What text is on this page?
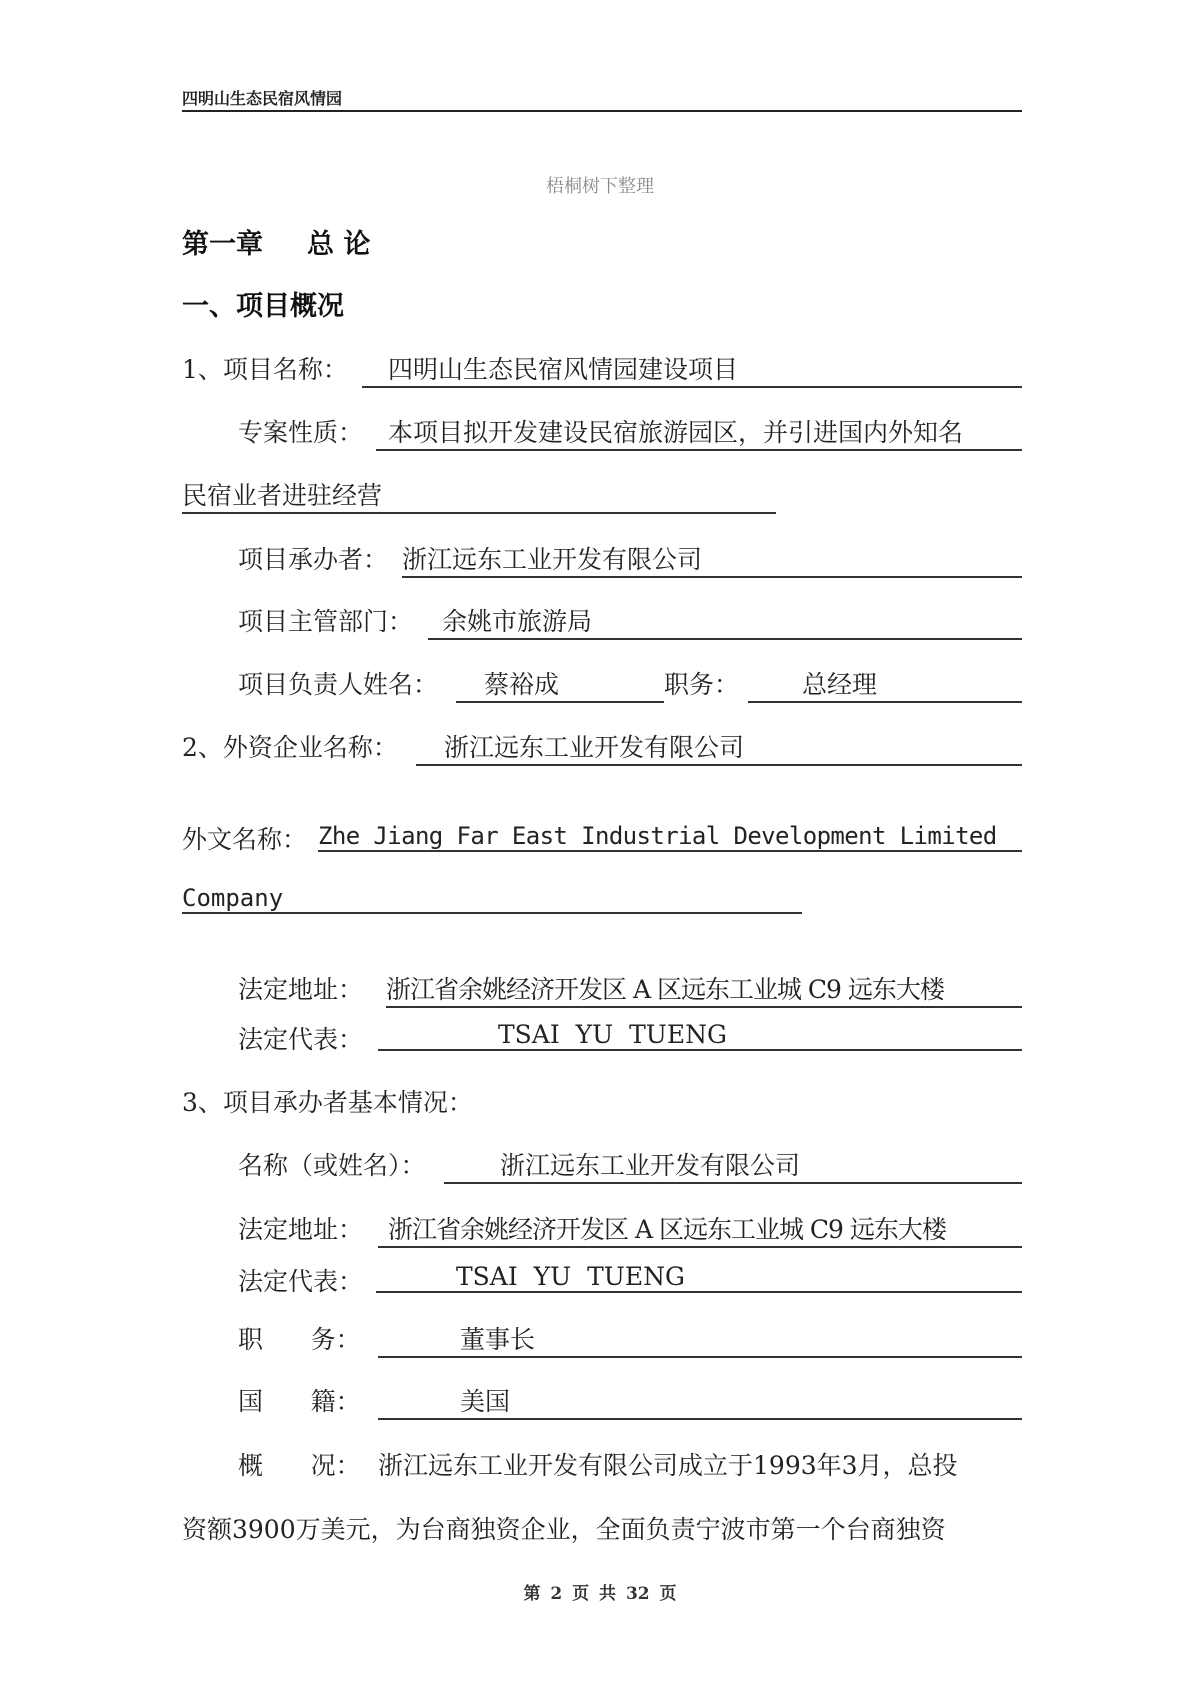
四明山生态民宿风情园
梧桐树下整理
第一章 总 论
一、项目概况
1、项目名称：	四明山生态民宿风情园建设项目
专案性质： 本项目拟开发建设民宿旅游园区，并引进国内外知名
民宿业者进驻经营
项目承办者： 浙江远东工业开发有限公司
项目主管部门：	余姚市旅游局
项目负责人姓名：	蔡裕成	职务：	总经理
2、外资企业名称：	浙江远东工业开发有限公司
外文名称： Zhe Jiang Far East Industrial Development Limited
Company
法定地址： 浙江省余姚经济开发区 A 区远东工业城 C9 远东大楼
法定代表：	TSAI  YU  TUENG
3、项目承办者基本情况：
名称（或姓名）：	浙江远东工业开发有限公司
法定地址： 浙江省余姚经济开发区 A 区远东工业城 C9 远东大楼
法定代表：	TSAI  YU  TUENG
职      务：	董事长
国      籍：	美国
概      况： 浙江远东工业开发有限公司成立于1993年3月，总投
资额3900万美元，为台商独资企业，全面负责宁波市第一个台商独资
第 2 页 共 32 页
